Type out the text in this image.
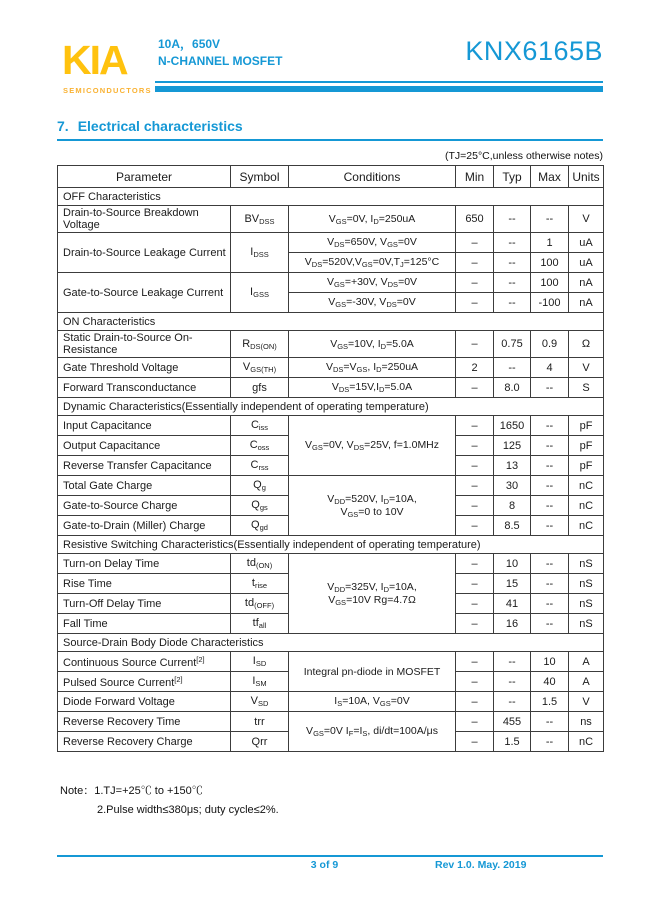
KIA
SEMICONDUCTORS
10A，650V
N-CHANNEL MOSFET	KNX6165B
7. Electrical characteristics
(TJ=25°C,unless otherwise notes)
Parameter	Symbol	Conditions	Min	Typ	Max	Units
OFF Characteristics						
Drain-to-Source Breakdown Voltage	$BV_{DSS}$	$V_{GS}=0V$, $I_D=250uA$	650	--	--	V
Drain-to-Source Leakage Current	$I_{DSS}$	$V_{DS}=650V$, $V_{GS}=0V$	–	--	1	uA
		$V_{DS}=520V,V_{GS}=0V,T_J=125^\circ C$	–	--	100	uA
Gate-to-Source Leakage Current	$I_{GSS}$	$V_{GS}=+30V$, $V_{DS}=0V$	–	--	100	nA
		$V_{GS}=-30V$, $V_{DS}=0V$	–	--	-100	nA
ON Characteristics						
Static Drain-to-Source On-Resistance	$R_{DS(ON)}$	$V_{GS}=10V$, $I_D=5.0A$	–	0.75	0.9	Ω
Gate Threshold Voltage	$V_{GS(TH)}$	$V_{DS}=V_{GS}$, $I_D=250uA$	2	--	4	V
Forward Transconductance	gfs	$V_{DS}=15V,I_D=5.0A$	–	8.0	--	S
Dynamic Characteristics(Essentially independent of operating temperature)						
Input Capacitance	$C_{iss}$	$V_{GS}=0V$, $V_{DS}=25V$, f=1.0MHz	–	1650	--	pF
Output Capacitance	$C_{oss}$		–	125	--	pF
Reverse Transfer Capacitance	$C_{rss}$		–	13	--	pF
Total Gate Charge	$Q_g$	$V_{DD}=520V$, $I_D=10A$,
$V_{GS}=0$ to 10V	–	30	--	nC
Gate-to-Source Charge	$Q_{gs}$		–	8	--	nC
Gate-to-Drain (Miller) Charge	$Q_{gd}$		–	8.5	--	nC
Resistive Switching Characteristics(Essentially independent of operating temperature)						
Turn-on Delay Time	$td_{(ON)}$	$V_{DD}=325V$, $I_D=10A$,
$V_{GS}=10V$ Rg=4.7Ω	–	10	--	nS
Rise Time	$t_{rise}$		–	15	--	nS
Turn-Off Delay Time	$td_{(OFF)}$		–	41	--	nS
Fall Time	$tf_{all}$		–	16	--	nS
Source-Drain Body Diode Characteristics						
Continuous Source Current[2]	$I_{SD}$	Integral pn-diode in MOSFET	–	--	10	A
Pulsed Source Current[2]	$I_{SM}$		–	--	40	A
Diode Forward Voltage	$V_{SD}$	$I_S=10A$, $V_{GS}=0V$	–	--	1.5	V
Reverse Recovery Time	trr	$V_{GS}=0V$ $I_F=I_S$, di/dt=100A/μs	–	455	--	ns
Reverse Recovery Charge	Qrr		–	1.5	--	nC
Note：1.TJ=+25℃ to +150℃
2.Pulse width≤380μs; duty cycle≤2%.
3 of 9	Rev 1.0. May. 2019
